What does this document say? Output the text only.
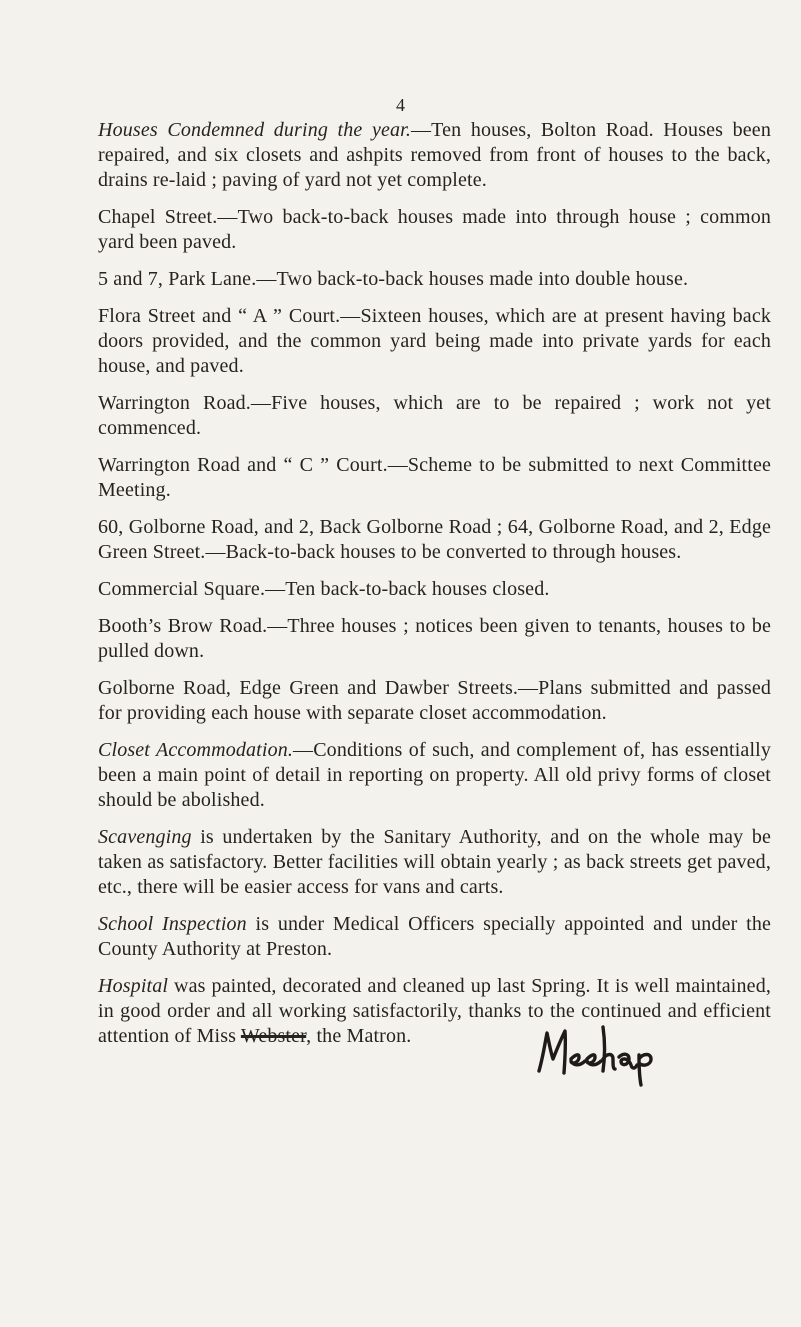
4

Houses Condemned during the year.—Ten houses, Bolton Road. Houses been repaired, and six closets and ashpits removed from front of houses to the back, drains re-laid ; paving of yard not yet complete.

Chapel Street.—Two back-to-back houses made into through house ; common yard been paved.

5 and 7, Park Lane.—Two back-to-back houses made into double house.

Flora Street and “ A ” Court.—Sixteen houses, which are at present having back doors provided, and the common yard being made into private yards for each house, and paved.

Warrington Road.—Five houses, which are to be repaired ; work not yet commenced.

Warrington Road and “ C ” Court.—Scheme to be submitted to next Committee Meeting.

60, Golborne Road, and 2, Back Golborne Road ; 64, Golborne Road, and 2, Edge Green Street.—Back-to-back houses to be converted to through houses.

Commercial Square.—Ten back-to-back houses closed.

Booth’s Brow Road.—Three houses ; notices been given to tenants, houses to be pulled down.

Golborne Road, Edge Green and Dawber Streets.—Plans submitted and passed for providing each house with separate closet accommodation.

Closet Accommodation.—Conditions of such, and complement of, has essentially been a main point of detail in reporting on property. All old privy forms of closet should be abolished.

Scavenging is undertaken by the Sanitary Authority, and on the whole may be taken as satisfactory. Better facilities will obtain yearly ; as back streets get paved, etc., there will be easier access for vans and carts.

School Inspection is under Medical Officers specially appointed and under the County Authority at Preston.

Hospital was painted, decorated and cleaned up last Spring. It is well maintained, in good order and all working satisfactorily, thanks to the continued and efficient attention of Miss Webster, the Matron.
